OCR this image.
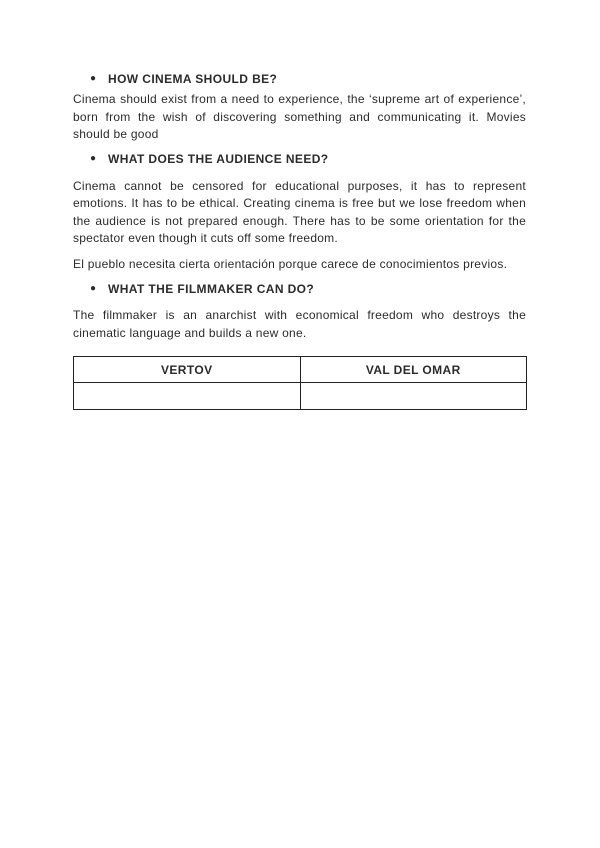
● HOW CINEMA SHOULD BE?

Cinema should exist from a need to experience, the ‘supreme art of experience’, born from the wish of discovering something and communicating it. Movies should be good

● WHAT DOES THE AUDIENCE NEED?

Cinema cannot be censored for educational purposes, it has to represent emotions. It has to be ethical. Creating cinema is free but we lose freedom when the audience is not prepared enough. There has to be some orientation for the spectator even though it cuts off some freedom.

El pueblo necesita cierta orientación porque carece de conocimientos previos.

● WHAT THE FILMMAKER CAN DO?

The filmmaker is an anarchist with economical freedom who destroys the cinematic language and builds a new one.

VERTOV	VAL DEL OMAR
